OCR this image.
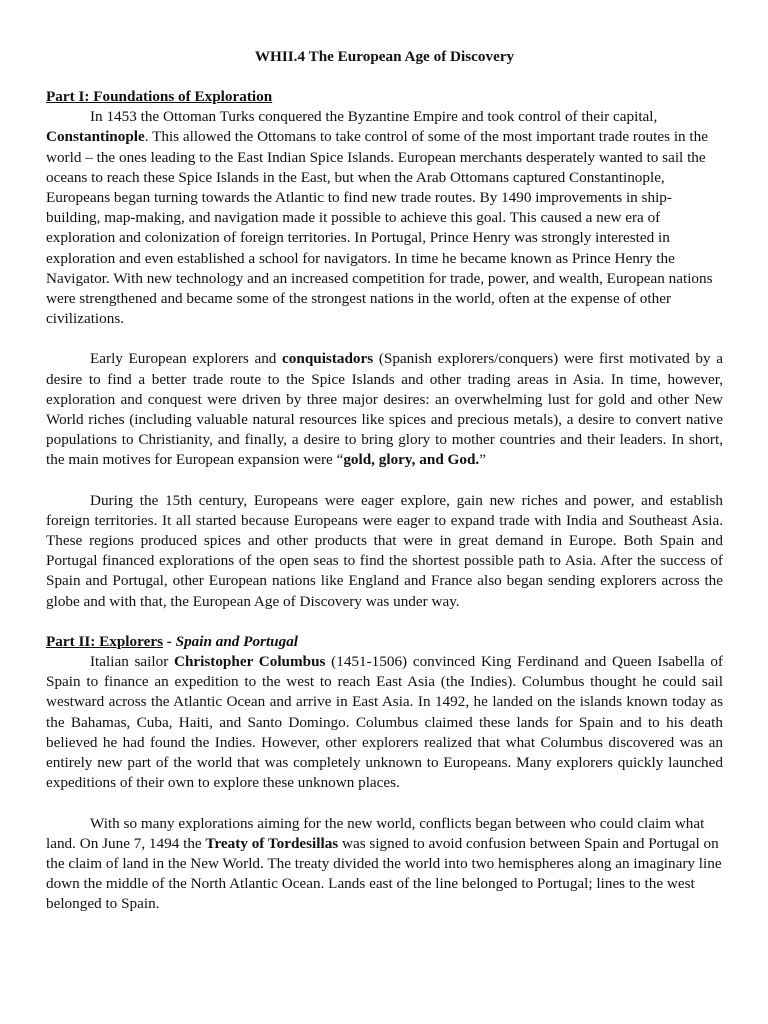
WHII.4 The European Age of Discovery
Part I: Foundations of Exploration

In 1453 the Ottoman Turks conquered the Byzantine Empire and took control of their capital, Constantinople. This allowed the Ottomans to take control of some of the most important trade routes in the world – the ones leading to the East Indian Spice Islands. European merchants desperately wanted to sail the oceans to reach these Spice Islands in the East, but when the Arab Ottomans captured Constantinople, Europeans began turning towards the Atlantic to find new trade routes. By 1490 improvements in ship-building, map-making, and navigation made it possible to achieve this goal. This caused a new era of exploration and colonization of foreign territories. In Portugal, Prince Henry was strongly interested in exploration and even established a school for navigators. In time he became known as Prince Henry the Navigator. With new technology and an increased competition for trade, power, and wealth, European nations were strengthened and became some of the strongest nations in the world, often at the expense of other civilizations.

Early European explorers and conquistadors (Spanish explorers/conquers) were first motivated by a desire to find a better trade route to the Spice Islands and other trading areas in Asia. In time, however, exploration and conquest were driven by three major desires: an overwhelming lust for gold and other New World riches (including valuable natural resources like spices and precious metals), a desire to convert native populations to Christianity, and finally, a desire to bring glory to mother countries and their leaders. In short, the main motives for European expansion were “gold, glory, and God.”

During the 15th century, Europeans were eager explore, gain new riches and power, and establish foreign territories. It all started because Europeans were eager to expand trade with India and Southeast Asia. These regions produced spices and other products that were in great demand in Europe. Both Spain and Portugal financed explorations of the open seas to find the shortest possible path to Asia. After the success of Spain and Portugal, other European nations like England and France also began sending explorers across the globe and with that, the European Age of Discovery was under way.

Part II: Explorers - Spain and Portugal

Italian sailor Christopher Columbus (1451-1506) convinced King Ferdinand and Queen Isabella of Spain to finance an expedition to the west to reach East Asia (the Indies). Columbus thought he could sail westward across the Atlantic Ocean and arrive in East Asia. In 1492, he landed on the islands known today as the Bahamas, Cuba, Haiti, and Santo Domingo. Columbus claimed these lands for Spain and to his death believed he had found the Indies. However, other explorers realized that what Columbus discovered was an entirely new part of the world that was completely unknown to Europeans. Many explorers quickly launched expeditions of their own to explore these unknown places.

With so many explorations aiming for the new world, conflicts began between who could claim what land. On June 7, 1494 the Treaty of Tordesillas was signed to avoid confusion between Spain and Portugal on the claim of land in the New World. The treaty divided the world into two hemispheres along an imaginary line down the middle of the North Atlantic Ocean. Lands east of the line belonged to Portugal; lines to the west belonged to Spain.
